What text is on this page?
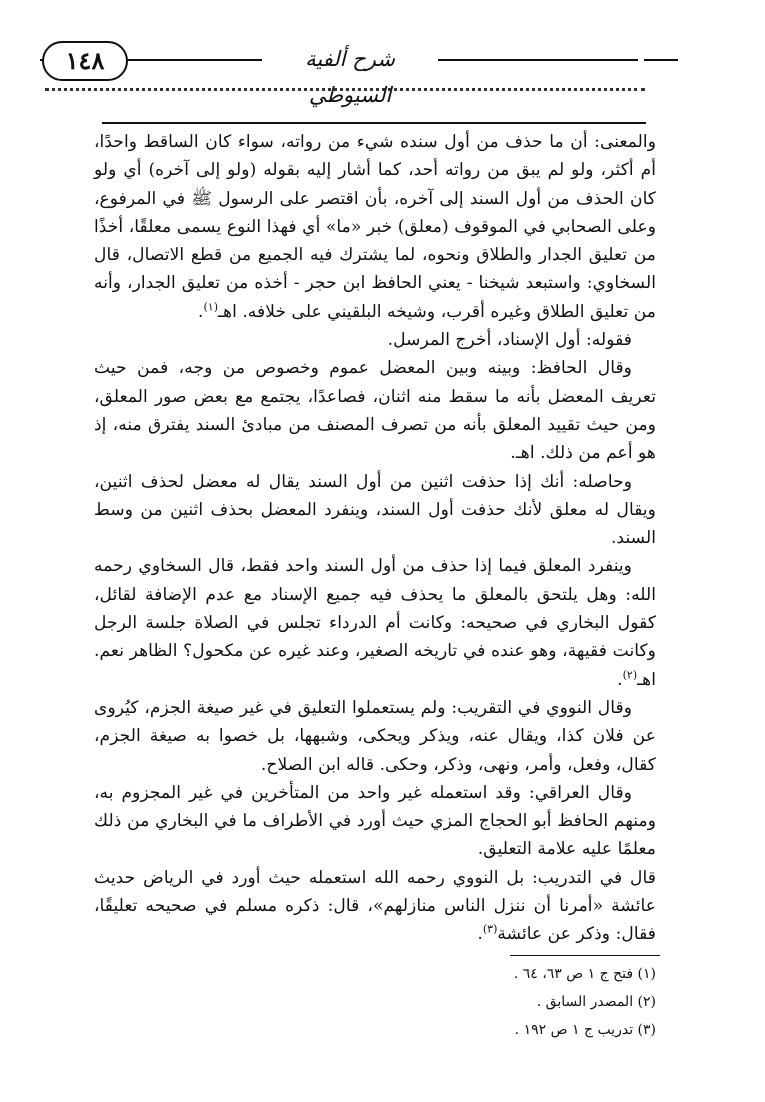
١٤٨	شرح ألفية السيوطي

والمعنى: أن ما حذف من أول سنده شيء من رواته، سواء كان الساقط واحدًا، أم أكثر، ولو لم يبق من رواته أحد، كما أشار إليه بقوله (ولو إلى آخره) أي ولو كان الحذف من أول السند إلى آخره، بأن اقتصر على الرسول ﷺ في المرفوع، وعلى الصحابي في الموقوف (معلق) خبر «ما» أي فهذا النوع يسمى معلقًا، أخذًا من تعليق الجدار والطلاق ونحوه، لما يشترك فيه الجميع من قطع الاتصال، قال السخاوي: واستبعد شيخنا - يعني الحافظ ابن حجر - أخذه من تعليق الجدار، وأنه من تعليق الطلاق وغيره أقرب، وشيخه البلقيني على خلافه. اهـ$^{(١)}$.

فقوله: أول الإسناد، أخرج المرسل.

وقال الحافظ: وبينه وبين المعضل عموم وخصوص من وجه، فمن حيث تعريف المعضل بأنه ما سقط منه اثنان، فصاعدًا، يجتمع مع بعض صور المعلق، ومن حيث تقييد المعلق بأنه من تصرف المصنف من مبادئ السند يفترق منه، إذ هو أعم من ذلك. اهـ.

وحاصله: أنك إذا حذفت اثنين من أول السند يقال له معضل لحذف اثنين، ويقال له معلق لأنك حذفت أول السند، وينفرد المعضل بحذف اثنين من وسط السند.

وينفرد المعلق فيما إذا حذف من أول السند واحد فقط، قال السخاوي رحمه الله: وهل يلتحق بالمعلق ما يحذف فيه جميع الإسناد مع عدم الإضافة لقائل، كقول البخاري في صحيحه: وكانت أم الدرداء تجلس في الصلاة جلسة الرجل وكانت فقيهة، وهو عنده في تاريخه الصغير، وعند غيره عن مكحول؟ الظاهر نعم. اهـ$^{(٢)}$.

وقال النووي في التقريب: ولم يستعملوا التعليق في غير صيغة الجزم، كيُروى عن فلان كذا، ويقال عنه، ويذكر ويحكى، وشبهها، بل خصوا به صيغة الجزم، كقال، وفعل، وأمر، ونهى، وذكر، وحكى. قاله ابن الصلاح.

وقال العراقي: وقد استعمله غير واحد من المتأخرين في غير المجزوم به، ومنهم الحافظ أبو الحجاج المزي حيث أورد في الأطراف ما في البخاري من ذلك معلمًا عليه علامة التعليق.

قال في التدريب: بل النووي رحمه الله استعمله حيث أورد في الرياض حديث عائشة «أمرنا أن ننزل الناس منازلهم»، قال: ذكره مسلم في صحيحه تعليقًا، فقال: وذكر عن عائشة$^{(٣)}$.

(١) فتح ج ١ ص ٦٣، ٦٤ .

(٢) المصدر السابق .

(٣) تدريب ج ١ ص ١٩٢ .
